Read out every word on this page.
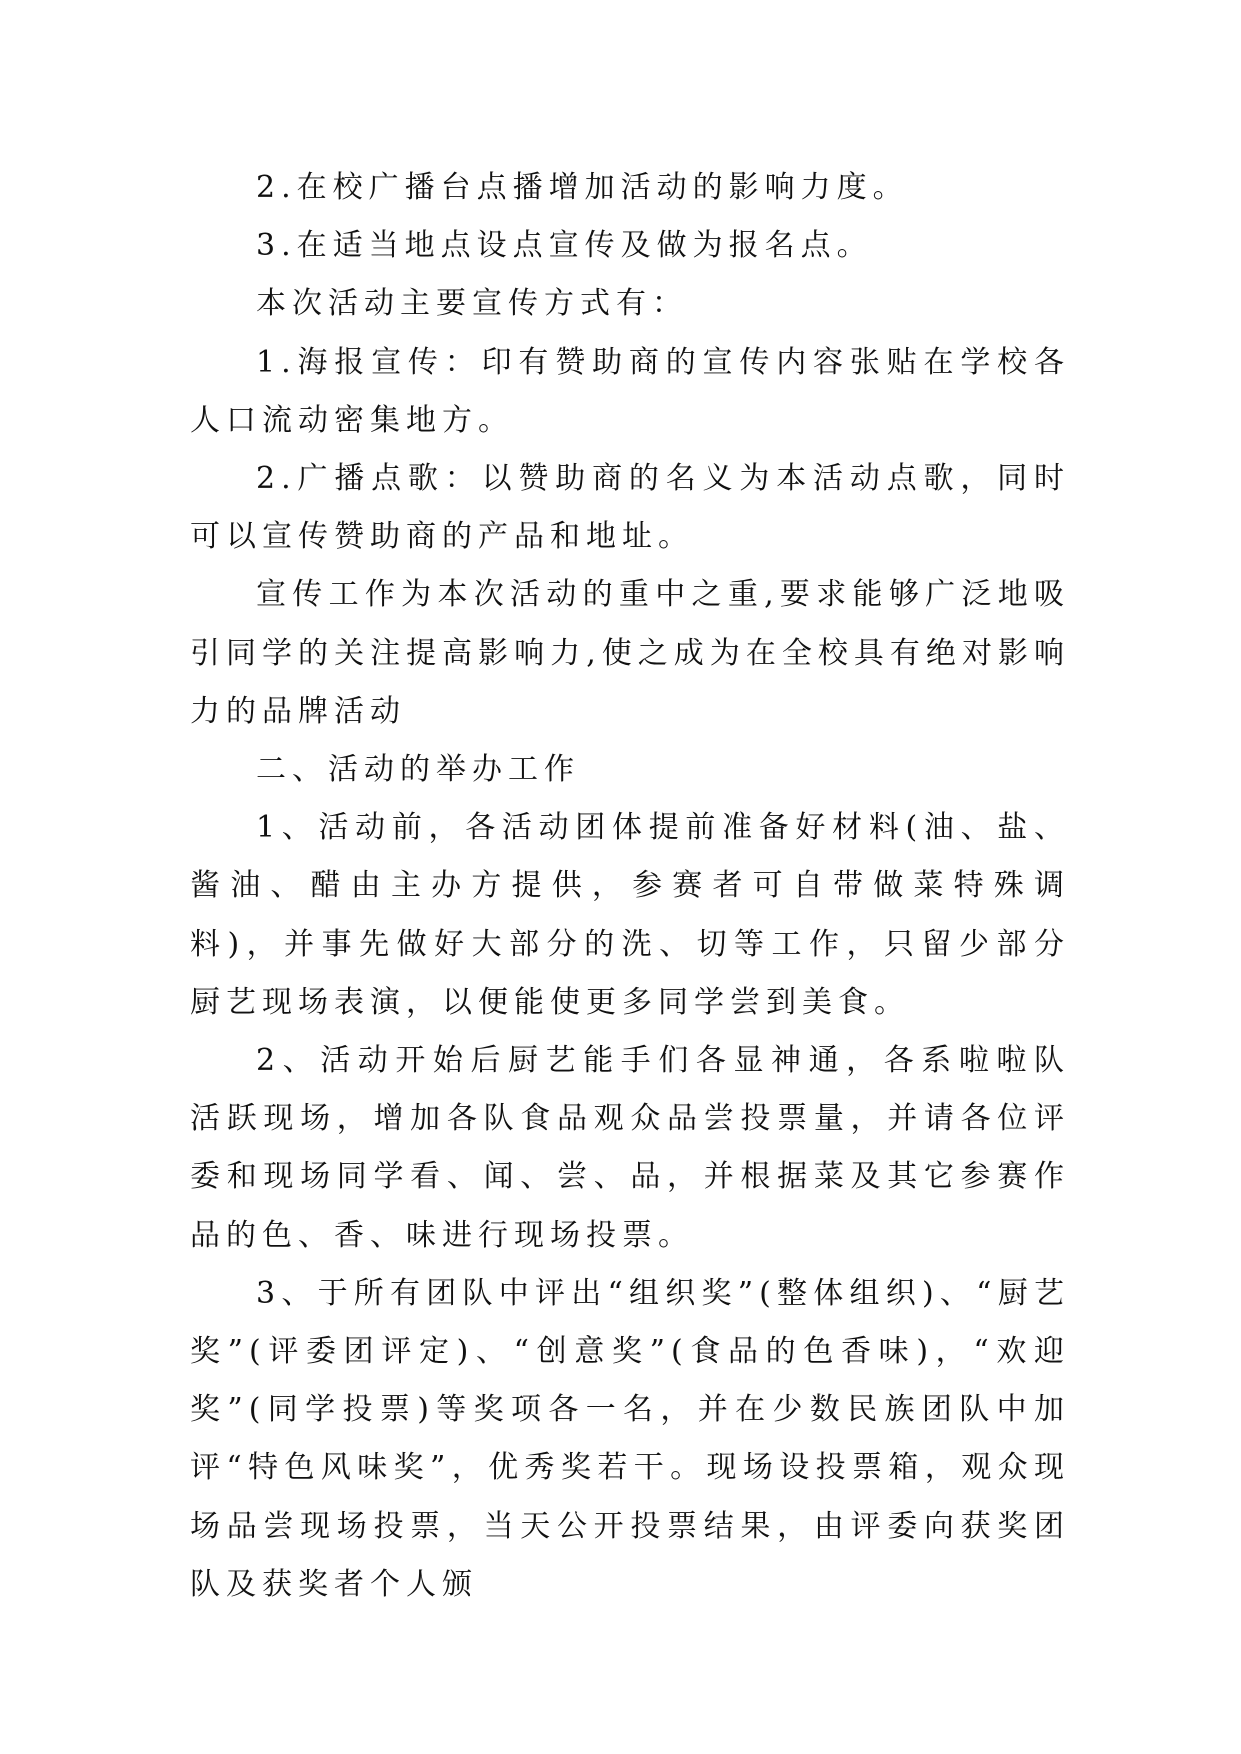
2.在校广播台点播增加活动的影响力度。

3.在适当地点设点宣传及做为报名点。

本次活动主要宣传方式有：

1.海报宣传：印有赞助商的宣传内容张贴在学校各人口流动密集地方。

2.广播点歌：以赞助商的名义为本活动点歌，同时可以宣传赞助商的产品和地址。

宣传工作为本次活动的重中之重,要求能够广泛地吸引同学的关注提高影响力,使之成为在全校具有绝对影响力的品牌活动

二、活动的举办工作

1、活动前，各活动团体提前准备好材料(油、盐、酱油、醋由主办方提供，参赛者可自带做菜特殊调料)，并事先做好大部分的洗、切等工作，只留少部分厨艺现场表演，以便能使更多同学尝到美食。

2、活动开始后厨艺能手们各显神通，各系啦啦队活跃现场，增加各队食品观众品尝投票量，并请各位评委和现场同学看、闻、尝、品，并根据菜及其它参赛作品的色、香、味进行现场投票。

3、于所有团队中评出“组织奖”(整体组织)、“厨艺奖”(评委团评定)、“创意奖”(食品的色香味)，“欢迎奖”(同学投票)等奖项各一名，并在少数民族团队中加评“特色风味奖”，优秀奖若干。现场设投票箱，观众现场品尝现场投票，当天公开投票结果，由评委向获奖团队及获奖者个人颁
